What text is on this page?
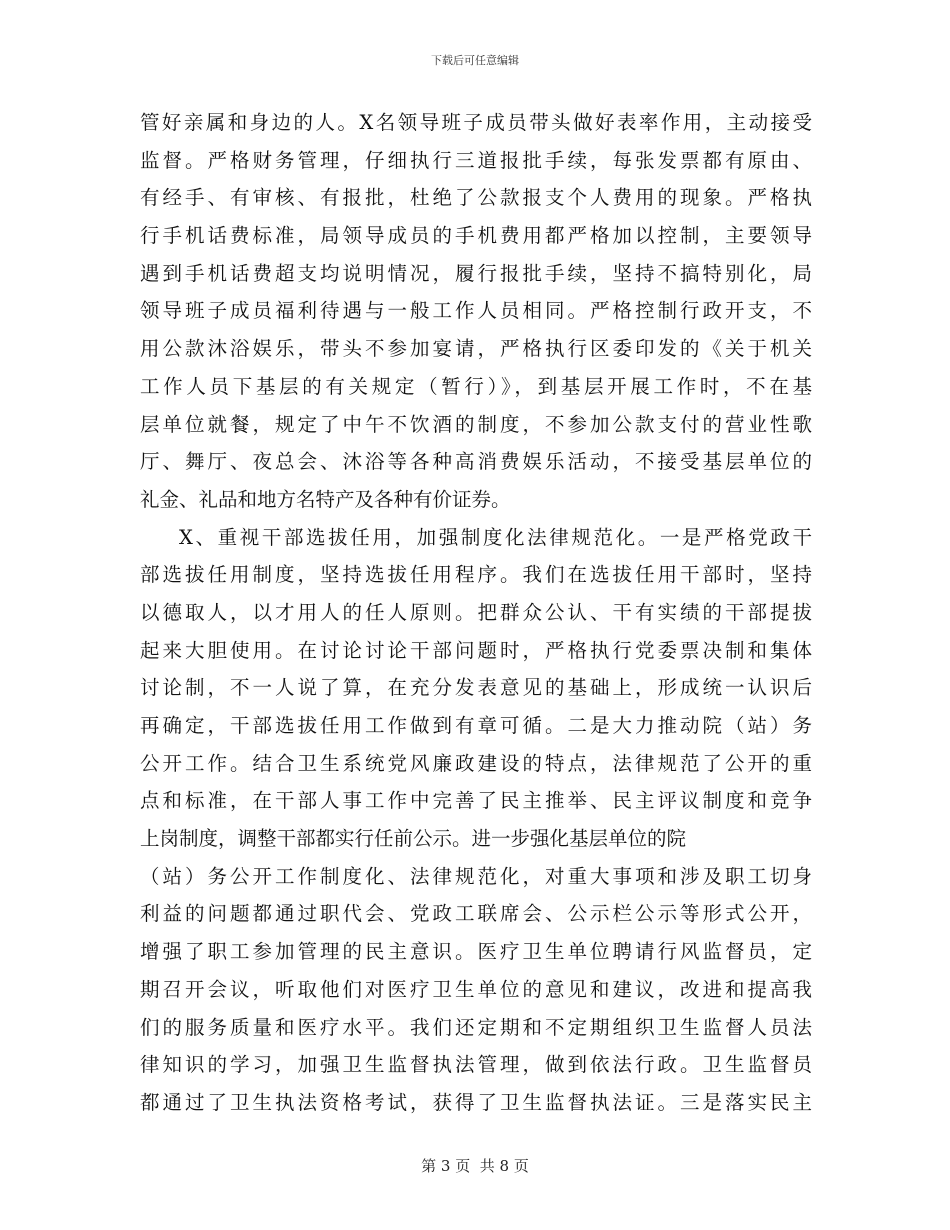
下载后可任意编辑
管好亲属和身边的人。X名领导班子成员带头做好表率作用，主动接受
监督。严格财务管理，仔细执行三道报批手续，每张发票都有原由、
有经手、有审核、有报批，杜绝了公款报支个人费用的现象。严格执
行手机话费标准，局领导成员的手机费用都严格加以控制，主要领导
遇到手机话费超支均说明情况，履行报批手续，坚持不搞特别化，局
领导班子成员福利待遇与一般工作人员相同。严格控制行政开支，不
用公款沐浴娱乐，带头不参加宴请，严格执行区委印发的《关于机关
工作人员下基层的有关规定（暂行）》，到基层开展工作时，不在基
层单位就餐，规定了中午不饮酒的制度，不参加公款支付的营业性歌
厅、舞厅、夜总会、沐浴等各种高消费娱乐活动，不接受基层单位的
礼金、礼品和地方名特产及各种有价证券。
X、重视干部选拔任用，加强制度化法律规范化。一是严格党政干
部选拔任用制度，坚持选拔任用程序。我们在选拔任用干部时，坚持
以德取人，以才用人的任人原则。把群众公认、干有实绩的干部提拔
起来大胆使用。在讨论讨论干部问题时，严格执行党委票决制和集体
讨论制，不一人说了算，在充分发表意见的基础上，形成统一认识后
再确定，干部选拔任用工作做到有章可循。二是大力推动院（站）务
公开工作。结合卫生系统党风廉政建设的特点，法律规范了公开的重
点和标准，在干部人事工作中完善了民主推举、民主评议制度和竞争
上岗制度，调整干部都实行任前公示。进一步强化基层单位的院
（站）务公开工作制度化、法律规范化，对重大事项和涉及职工切身
利益的问题都通过职代会、党政工联席会、公示栏公示等形式公开，
增强了职工参加管理的民主意识。医疗卫生单位聘请行风监督员，定
期召开会议，听取他们对医疗卫生单位的意见和建议，改进和提高我
们的服务质量和医疗水平。我们还定期和不定期组织卫生监督人员法
律知识的学习，加强卫生监督执法管理，做到依法行政。卫生监督员
都通过了卫生执法资格考试，获得了卫生监督执法证。三是落实民主
第 3 页  共 8 页
